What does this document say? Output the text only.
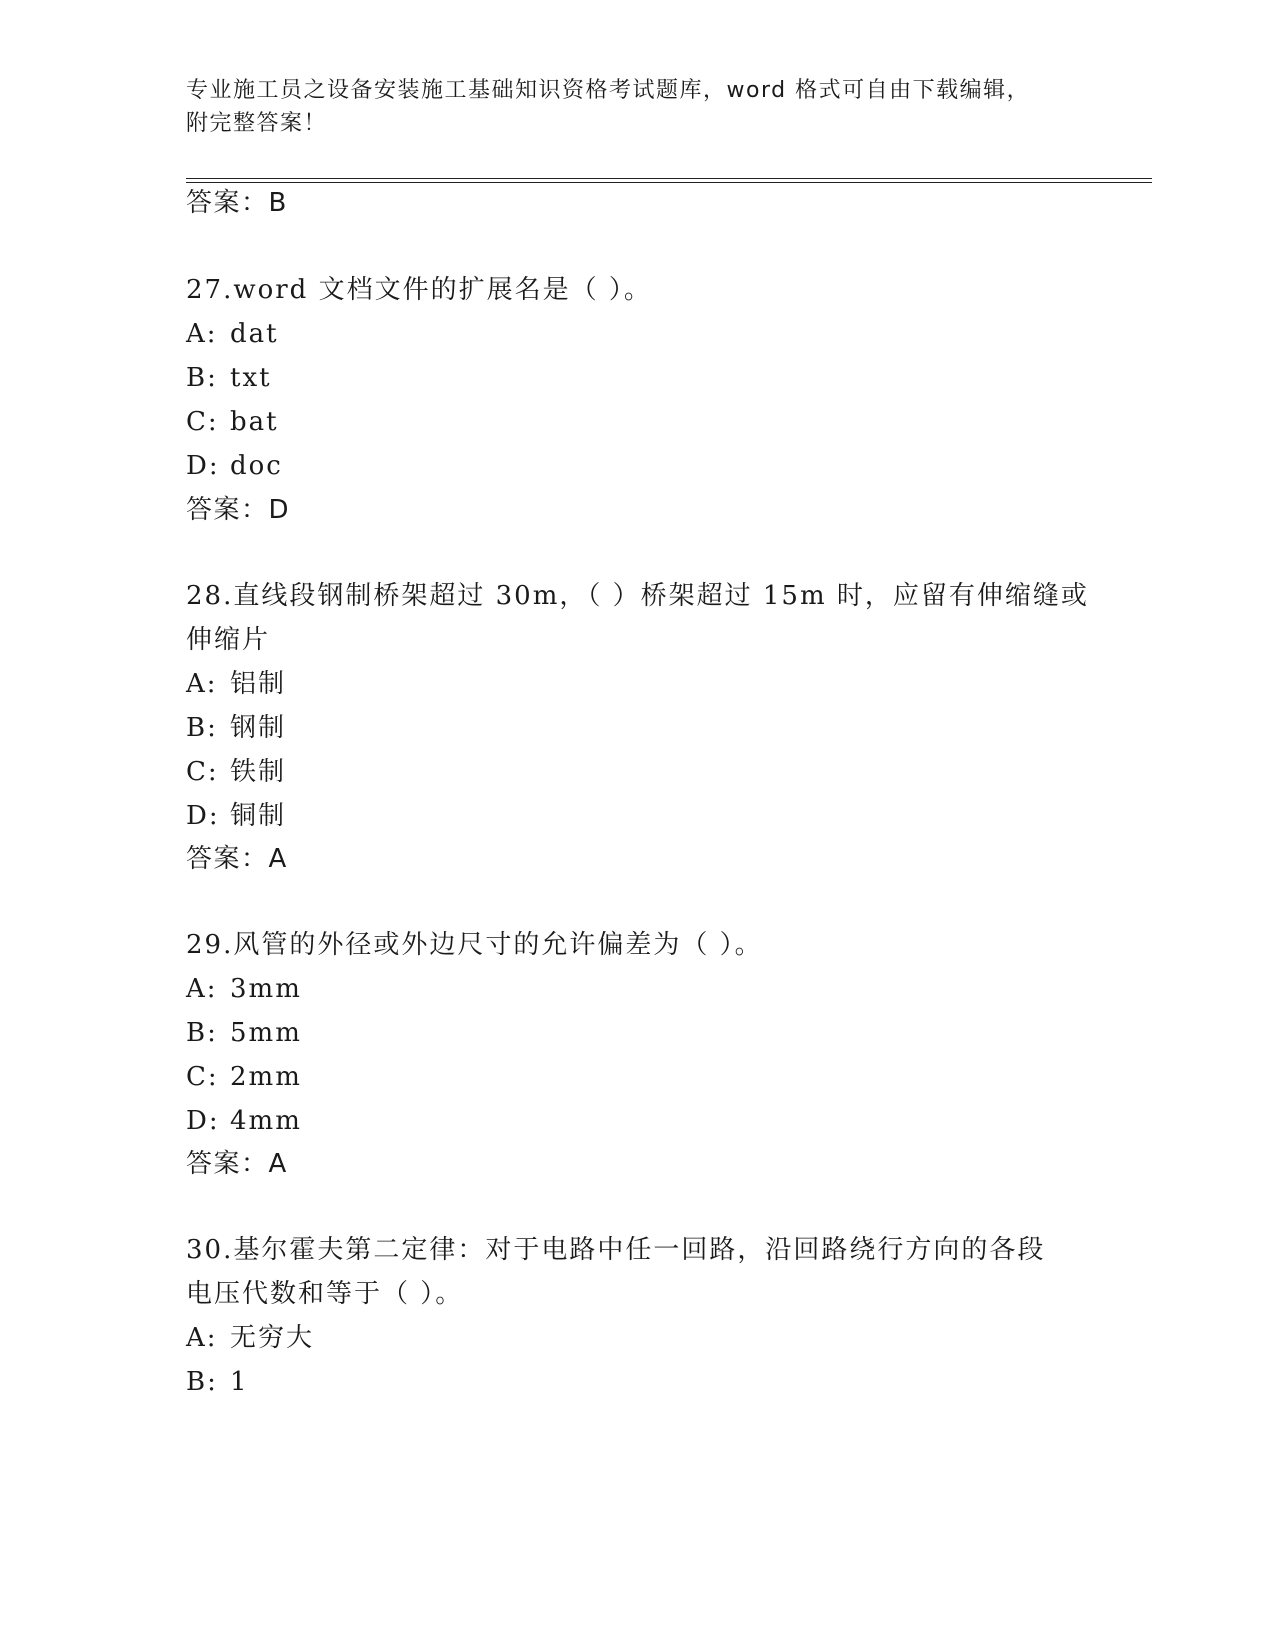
专业施工员之设备安装施工基础知识资格考试题库，word 格式可自由下载编辑，
附完整答案！
答案：B
27.word 文档文件的扩展名是（ ）。
A: dat
B: txt
C: bat
D: doc
答案：D
28.直线段钢制桥架超过 30m，（ ）桥架超过 15m 时，应留有伸缩缝或
伸缩片
A: 铝制
B: 钢制
C: 铁制
D: 铜制
答案：A
29.风管的外径或外边尺寸的允许偏差为（ ）。
A: 3mm
B: 5mm
C: 2mm
D: 4mm
答案：A
30.基尔霍夫第二定律：对于电路中任一回路，沿回路绕行方向的各段
电压代数和等于（ ）。
A: 无穷大
B: 1
